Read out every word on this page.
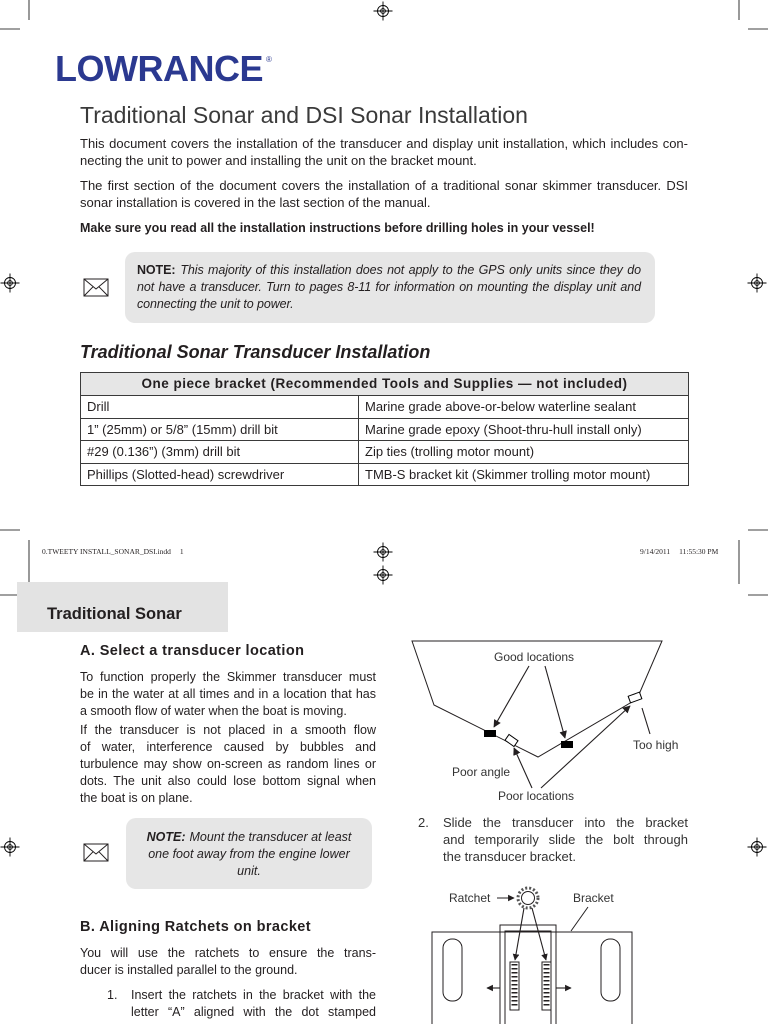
LOWRANCE ®
Traditional Sonar and DSI Sonar Installation
This document covers the installation of the transducer and display unit installation, which includes con-
necting the unit to power and installing the unit on the bracket mount.
The first section of the document covers the installation of a traditional sonar skimmer transducer. DSI
sonar installation is covered in the last section of the manual.
Make sure you read all the installation instructions before drilling holes in your vessel!
NOTE: This majority of this installation does not apply to the GPS only units since they do
not have a transducer. Turn to pages 8-11 for information on mounting the display unit and
connecting the unit to power.
Traditional Sonar Transducer Installation
One piece bracket (Recommended Tools and Supplies — not included)	
Drill	Marine grade above-or-below waterline sealant
1” (25mm) or 5/8” (15mm) drill bit	Marine grade epoxy (Shoot-thru-hull install only)
#29 (0.136”) (3mm) drill bit	Zip ties (trolling motor mount)
Phillips (Slotted-head) screwdriver	TMB-S bracket kit (Skimmer trolling motor mount)
0.TWEETY INSTALL_SONAR_DSI.indd 1	9/14/2011 11:55:30 PM
Traditional Sonar
A. Select a transducer location
To function properly the Skimmer transducer must
be in the water at all times and in a location that has
a smooth flow of water when the boat is moving.
If the transducer is not placed in a smooth flow
of water, interference caused by bubbles and
turbulence may show on-screen as random lines or
dots. The unit also could lose bottom signal when
the boat is on plane.
NOTE: Mount the transducer at least
one foot away from the engine lower
unit.
B. Aligning Ratchets on bracket
You will use the ratchets to ensure the trans-
ducer is installed parallel to the ground.
1. Insert the ratchets in the bracket with the
letter “A” aligned with the dot stamped
2. Slide the transducer into the bracket
and temporarily slide the bolt through
the transducer bracket.
Good locations
Too high
Poor angle
Poor locations
Ratchet	Bracket
